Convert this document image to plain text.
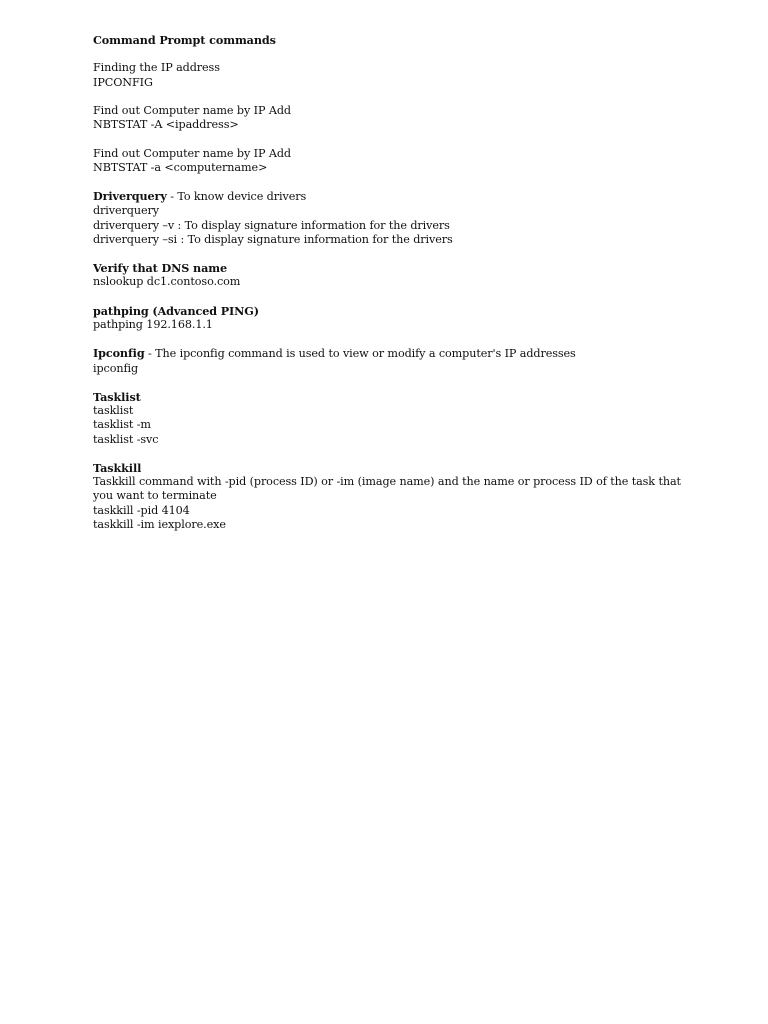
Command Prompt commands
Finding the IP address
IPCONFIG
Find out Computer name by IP Add
NBTSTAT -A <ipaddress>
Find out Computer name by IP Add
NBTSTAT -a <computername>
Driverquery - To know device drivers
driverquery
driverquery –v : To display signature information for the drivers
driverquery –si : To display signature information for the drivers
Verify that DNS name
nslookup dc1.contoso.com
pathping (Advanced PING)
pathping 192.168.1.1
Ipconfig - The ipconfig command is used to view or modify a computer's IP addresses
ipconfig
Tasklist
tasklist
tasklist -m
tasklist -svc
Taskkill
Taskkill command with -pid (process ID) or -im (image name) and the name or process ID of the task that
you want to terminate
taskkill -pid 4104
taskkill -im iexplore.exe
